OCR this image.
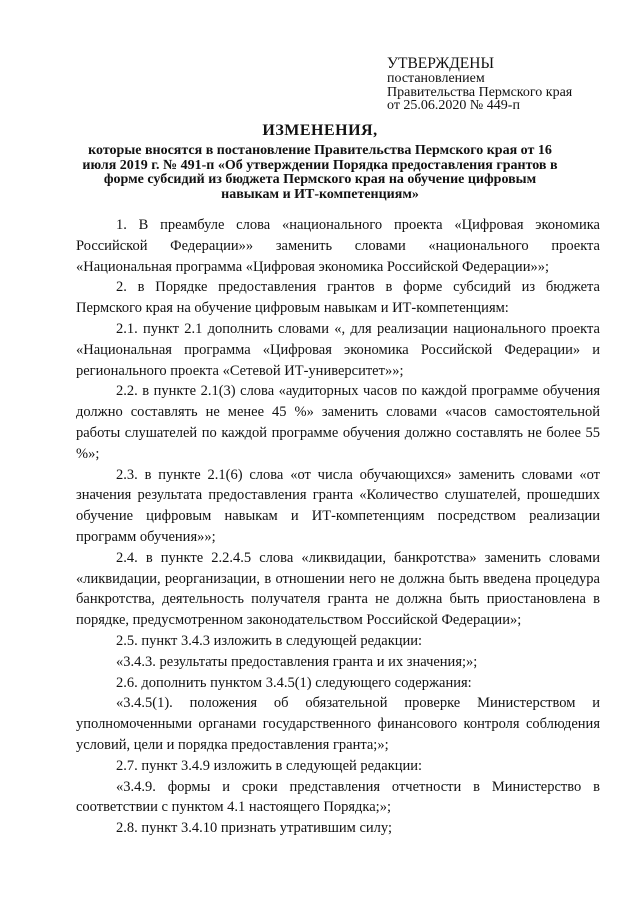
УТВЕРЖДЕНЫ
постановлением
Правительства Пермского края
от 25.06.2020 № 449-п
ИЗМЕНЕНИЯ,
которые вносятся в постановление Правительства Пермского края от 16 июля 2019 г. № 491-п «Об утверждении Порядка предоставления грантов в форме субсидий из бюджета Пермского края на обучение цифровым навыкам и ИТ-компетенциям»

1. В преамбуле слова «национального проекта «Цифровая экономика Российской Федерации»» заменить словами «национального проекта «Национальная программа «Цифровая экономика Российской Федерации»»;

2. в Порядке предоставления грантов в форме субсидий из бюджета Пермского края на обучение цифровым навыкам и ИТ-компетенциям:

2.1. пункт 2.1 дополнить словами «, для реализации национального проекта «Национальная программа «Цифровая экономика Российской Федерации» и регионального проекта «Сетевой ИТ-университет»»;

2.2. в пункте 2.1(3) слова «аудиторных часов по каждой программе обучения должно составлять не менее 45 %» заменить словами «часов самостоятельной работы слушателей по каждой программе обучения должно составлять не более 55 %»;

2.3. в пункте 2.1(6) слова «от числа обучающихся» заменить словами «от значения результата предоставления гранта «Количество слушателей, прошедших обучение цифровым навыкам и ИТ-компетенциям посредством реализации программ обучения»»;

2.4. в пункте 2.2.4.5 слова «ликвидации, банкротства» заменить словами «ликвидации, реорганизации, в отношении него не должна быть введена процедура банкротства, деятельность получателя гранта не должна быть приостановлена в порядке, предусмотренном законодательством Российской Федерации»;

2.5. пункт 3.4.3 изложить в следующей редакции:

«3.4.3. результаты предоставления гранта и их значения;»;

2.6. дополнить пунктом 3.4.5(1) следующего содержания:

«3.4.5(1). положения об обязательной проверке Министерством и уполномоченными органами государственного финансового контроля соблюдения условий, цели и порядка предоставления гранта;»;

2.7. пункт 3.4.9 изложить в следующей редакции:

«3.4.9. формы и сроки представления отчетности в Министерство в соответствии с пунктом 4.1 настоящего Порядка;»;

2.8. пункт 3.4.10 признать утратившим силу;
